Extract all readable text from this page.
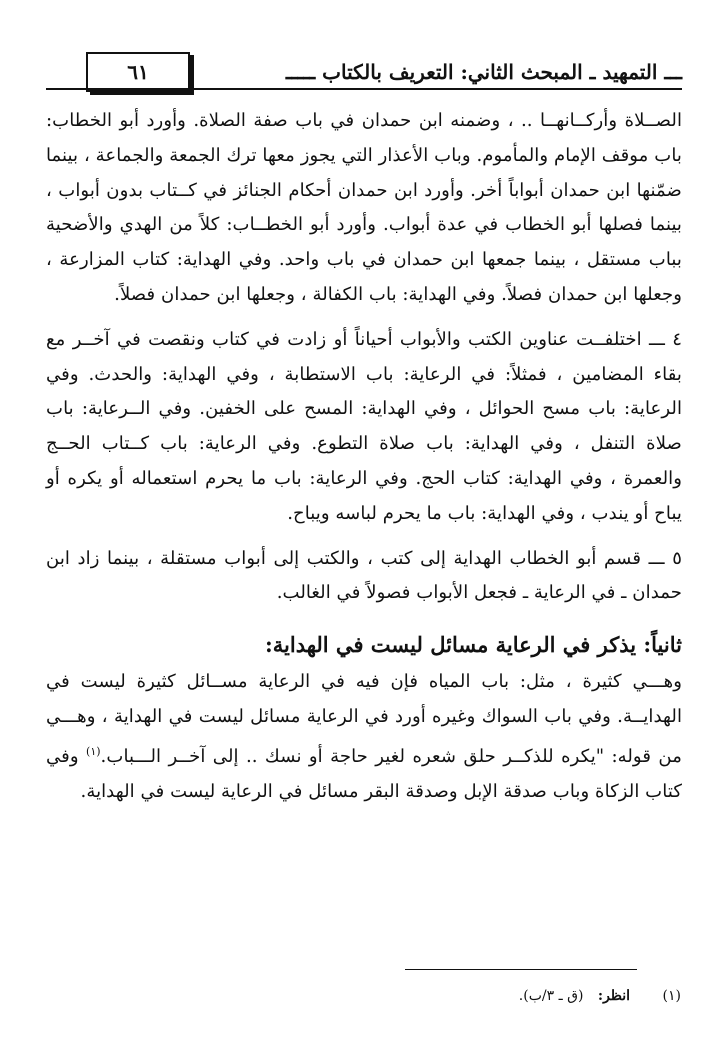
ـــ التمهيد ـ المبحث الثاني: التعريف بالكتاب ـــــ
٦١

الصــلاة وأركــانهــا .. ، وضمنه ابن حمدان في باب صفة الصلاة. وأورد أبو الخطاب: باب موقف الإمام والمأموم. وباب الأعذار التي يجوز معها ترك الجمعة والجماعة ، بينما ضمّنها ابن حمدان أبواباً أخر. وأورد ابن حمدان أحكام الجنائز في كــتاب بدون أبواب ، بينما فصلها أبو الخطاب في عدة أبواب. وأورد أبو الخطــاب: كلاً من الهدي والأضحية بباب مستقل ، بينما جمعها ابن حمدان في باب واحد. وفي الهداية: كتاب المزارعة ، وجعلها ابن حمدان فصلاً. وفي الهداية: باب الكفالة ، وجعلها ابن حمدان فصلاً.

٤ ـــ اختلفــت عناوين الكتب والأبواب أحياناً أو زادت في كتاب ونقصت في آخــر مع بقاء المضامين ، فمثلاً: في الرعاية: باب الاستطابة ، وفي الهداية: والحدث. وفي الرعاية: باب مسح الحوائل ، وفي الهداية: المسح على الخفين. وفي الــرعاية: باب صلاة التنفل ، وفي الهداية: باب صلاة التطوع. وفي الرعاية: باب كــتاب الحــج والعمرة ، وفي الهداية: كتاب الحج. وفي الرعاية: باب ما يحرم استعماله أو يكره أو يباح أو يندب ، وفي الهداية: باب ما يحرم لباسه ويباح.

٥ ـــ قسم أبو الخطاب الهداية إلى كتب ، والكتب إلى أبواب مستقلة ، بينما زاد ابن حمدان ـ في الرعاية ـ فجعل الأبواب فصولاً في الغالب.

ثانياً: يذكر في الرعاية مسائل ليست في الهداية:

وهـــي كثيرة ، مثل: باب المياه فإن فيه في الرعاية مســائل كثيرة ليست في الهدايــة. وفي باب السواك وغيره أورد في الرعاية مسائل ليست في الهداية ، وهـــي من قوله: "يكره للذكــر حلق شعره لغير حاجة أو نسك .. إلى آخــر الـــباب.$^{(١)}$ وفي كتاب الزكاة وباب صدقة الإبل وصدقة البقر مسائل في الرعاية ليست في الهداية.

(١) انظر: (ق ـ ٣/ب).
